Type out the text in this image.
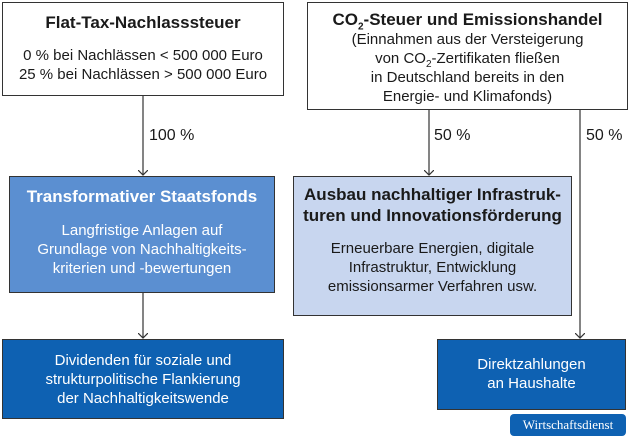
Flat-Tax-Nachlasssteuer
0 % bei Nachlässen < 500 000 Euro
25 % bei Nachlässen > 500 000 Euro
$CO_2$-Steuer und Emissionshandel
(Einnahmen aus der Versteigerung
von $CO_2$-Zertifikaten fließen
in Deutschland bereits in den
Energie- und Klimafonds)
100 %	50 %	50 %
Transformativer Staatsfonds
Langfristige Anlagen auf
Grundlage von Nachhaltigkeits-
kriterien und -bewertungen
Ausbau nachhaltiger Infrastruk-
turen und Innovationsförderung
Erneuerbare Energien, digitale
Infrastruktur, Entwicklung
emissionsarmer Verfahren usw.
Dividenden für soziale und
strukturpolitische Flankierung
der Nachhaltigkeitswende
Direktzahlungen
an Haushalte
Wirtschaftsdienst
